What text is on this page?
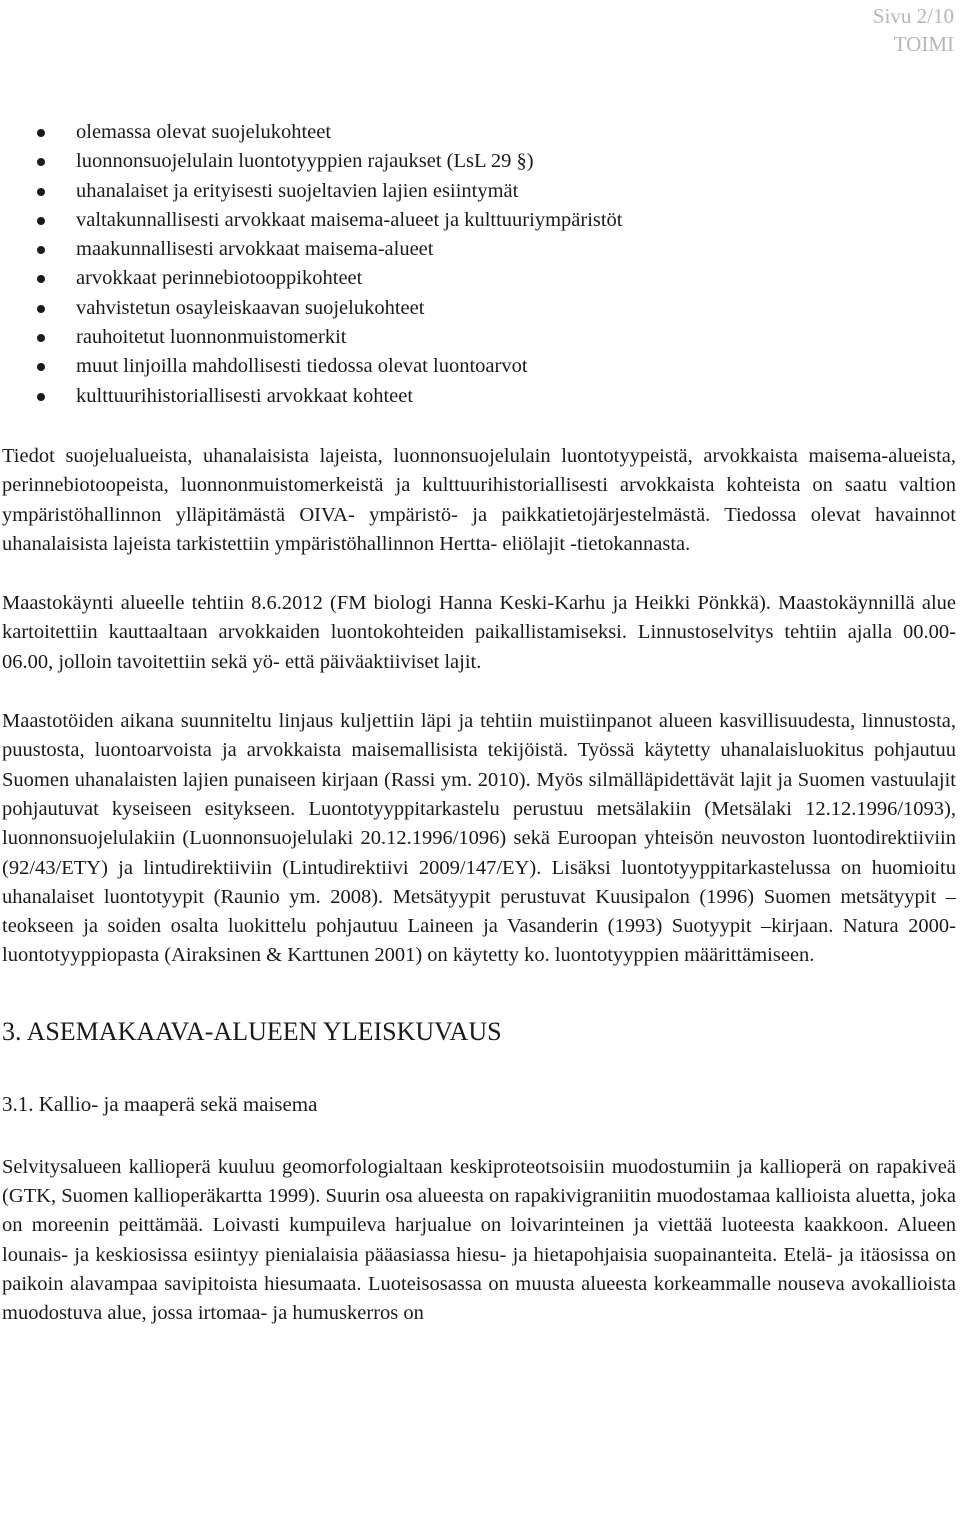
Sivu 2/10
TOIMI
olemassa olevat suojelukohteet
luonnonsuojelulain luontotyyppien rajaukset (LsL 29 §)
uhanalaiset ja erityisesti suojeltavien lajien esiintymät
valtakunnallisesti arvokkaat maisema-alueet ja kulttuuriympäristöt
maakunnallisesti arvokkaat maisema-alueet
arvokkaat perinnebiotooppikohteet
vahvistetun osayleiskaavan suojelukohteet
rauhoitetut luonnonmuistomerkit
muut linjoilla mahdollisesti tiedossa olevat luontoarvot
kulttuurihistoriallisesti arvokkaat kohteet

Tiedot suojelualueista, uhanalaisista lajeista, luonnonsuojelulain luontotyypeistä, arvokkaista maisema-alueista, perinnebiotoopeista, luonnonmuistomerkeistä ja kulttuurihistoriallisesti arvokkaista kohteista on saatu valtion ympäristöhallinnon ylläpitämästä OIVA- ympäristö- ja paikkatietojärjestelmästä. Tiedossa olevat havainnot uhanalaisista lajeista tarkistettiin ympäristöhallinnon Hertta- eliölajit -tietokannasta.

Maastokäynti alueelle tehtiin 8.6.2012 (FM biologi Hanna Keski-Karhu ja Heikki Pönkkä). Maastokäynnillä alue kartoitettiin kauttaaltaan arvokkaiden luontokohteiden paikallistamiseksi. Linnustoselvitys tehtiin ajalla 00.00-06.00, jolloin tavoitettiin sekä yö- että päiväaktiiviset lajit.

Maastotöiden aikana suunniteltu linjaus kuljettiin läpi ja tehtiin muistiinpanot alueen kasvillisuudesta, linnustosta, puustosta, luontoarvoista ja arvokkaista maisemallisista tekijöistä. Työssä käytetty uhanalaisluokitus pohjautuu Suomen uhanalaisten lajien punaiseen kirjaan (Rassi ym. 2010). Myös silmälläpidettävät lajit ja Suomen vastuulajit pohjautuvat kyseiseen esitykseen. Luontotyyppitarkastelu perustuu metsälakiin (Metsälaki 12.12.1996/1093), luonnonsuojelulakiin (Luonnonsuojelulaki 20.12.1996/1096) sekä Euroopan yhteisön neuvoston luontodirektiiviin (92/43/ETY) ja lintudirektiiviin (Lintudirektiivi 2009/147/EY). Lisäksi luontotyyppitarkastelussa on huomioitu uhanalaiset luontotyypit (Raunio ym. 2008). Metsätyypit perustuvat Kuusipalon (1996) Suomen metsätyypit –teokseen ja soiden osalta luokittelu pohjautuu Laineen ja Vasanderin (1993) Suotyypit –kirjaan. Natura 2000-luontotyyppiopasta (Airaksinen & Karttunen 2001) on käytetty ko. luontotyyppien määrittämiseen.

3. ASEMAKAAVA-ALUEEN YLEISKUVAUS
3.1. Kallio- ja maaperä sekä maisema

Selvitysalueen kallioperä kuuluu geomorfologialtaan keskiproteotsoisiin muodostumiin ja kallioperä on rapakiveä (GTK, Suomen kallioperäkartta 1999). Suurin osa alueesta on rapakivigraniitin muodostamaa kallioista aluetta, joka on moreenin peittämää. Loivasti kumpuileva harjualue on loivarinteinen ja viettää luoteesta kaakkoon. Alueen lounais- ja keskiosissa esiintyy pienialaisia pääasiassa hiesu- ja hietapohjaisia suopainanteita. Etelä- ja itäosissa on paikoin alavampaa savipitoista hiesumaata. Luoteisosassa on muusta alueesta korkeammalle nouseva avokallioista muodostuva alue, jossa irtomaa- ja humuskerros on
